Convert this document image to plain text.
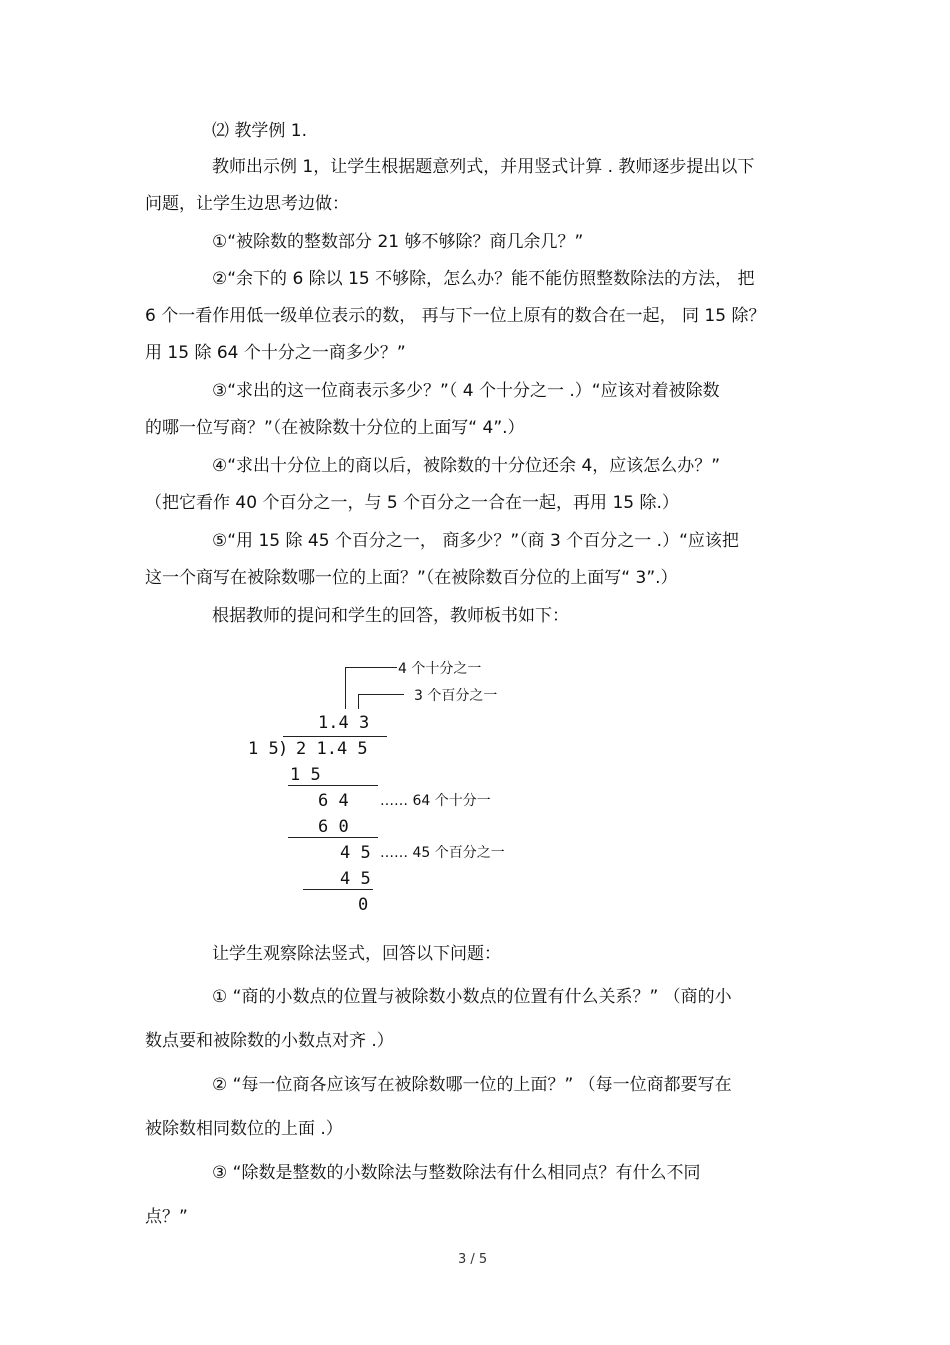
⑵ 教学例 1.
教师出示例 1，让学生根据题意列式，并用竖式计算 . 教师逐步提出以下
问题，让学生边思考边做：
①“被除数的整数部分 21 够不够除？商几余几？”
②“余下的 6 除以 15 不够除，怎么办？能不能仿照整数除法的方法， 把
6 个一看作用低一级单位表示的数， 再与下一位上原有的数合在一起， 同 15 除？
用 15 除 64 个十分之一商多少？”
③“求出的这一位商表示多少？”（ 4 个十分之一 .）“应该对着被除数
的哪一位写商？”（在被除数十分位的上面写“ 4”.）
④“求出十分位上的商以后，被除数的十分位还余 4，应该怎么办？”
（把它看作 40 个百分之一，与 5 个百分之一合在一起，再用 15 除.）
⑤“用 15 除 45 个百分之一， 商多少？”（商 3 个百分之一 .）“应该把
这一个商写在被除数哪一位的上面？”（在被除数百分位的上面写“ 3”.）
根据教师的提问和学生的回答，教师板书如下：
4 个十分之一
3 个百分之一
1.4 3
1 5 ) 2 1.4 5
1 5
6 4 …… 64 个十分一
6 0
4 5 …… 45 个百分之一
4 5
0
让学生观察除法竖式，回答以下问题：
① “商的小数点的位置与被除数小数点的位置有什么关系？” （商的小
数点要和被除数的小数点对齐 .）
② “每一位商各应该写在被除数哪一位的上面？” （每一位商都要写在
被除数相同数位的上面 .）
③ “除数是整数的小数除法与整数除法有什么相同点？有什么不同
点？”
3 / 5
